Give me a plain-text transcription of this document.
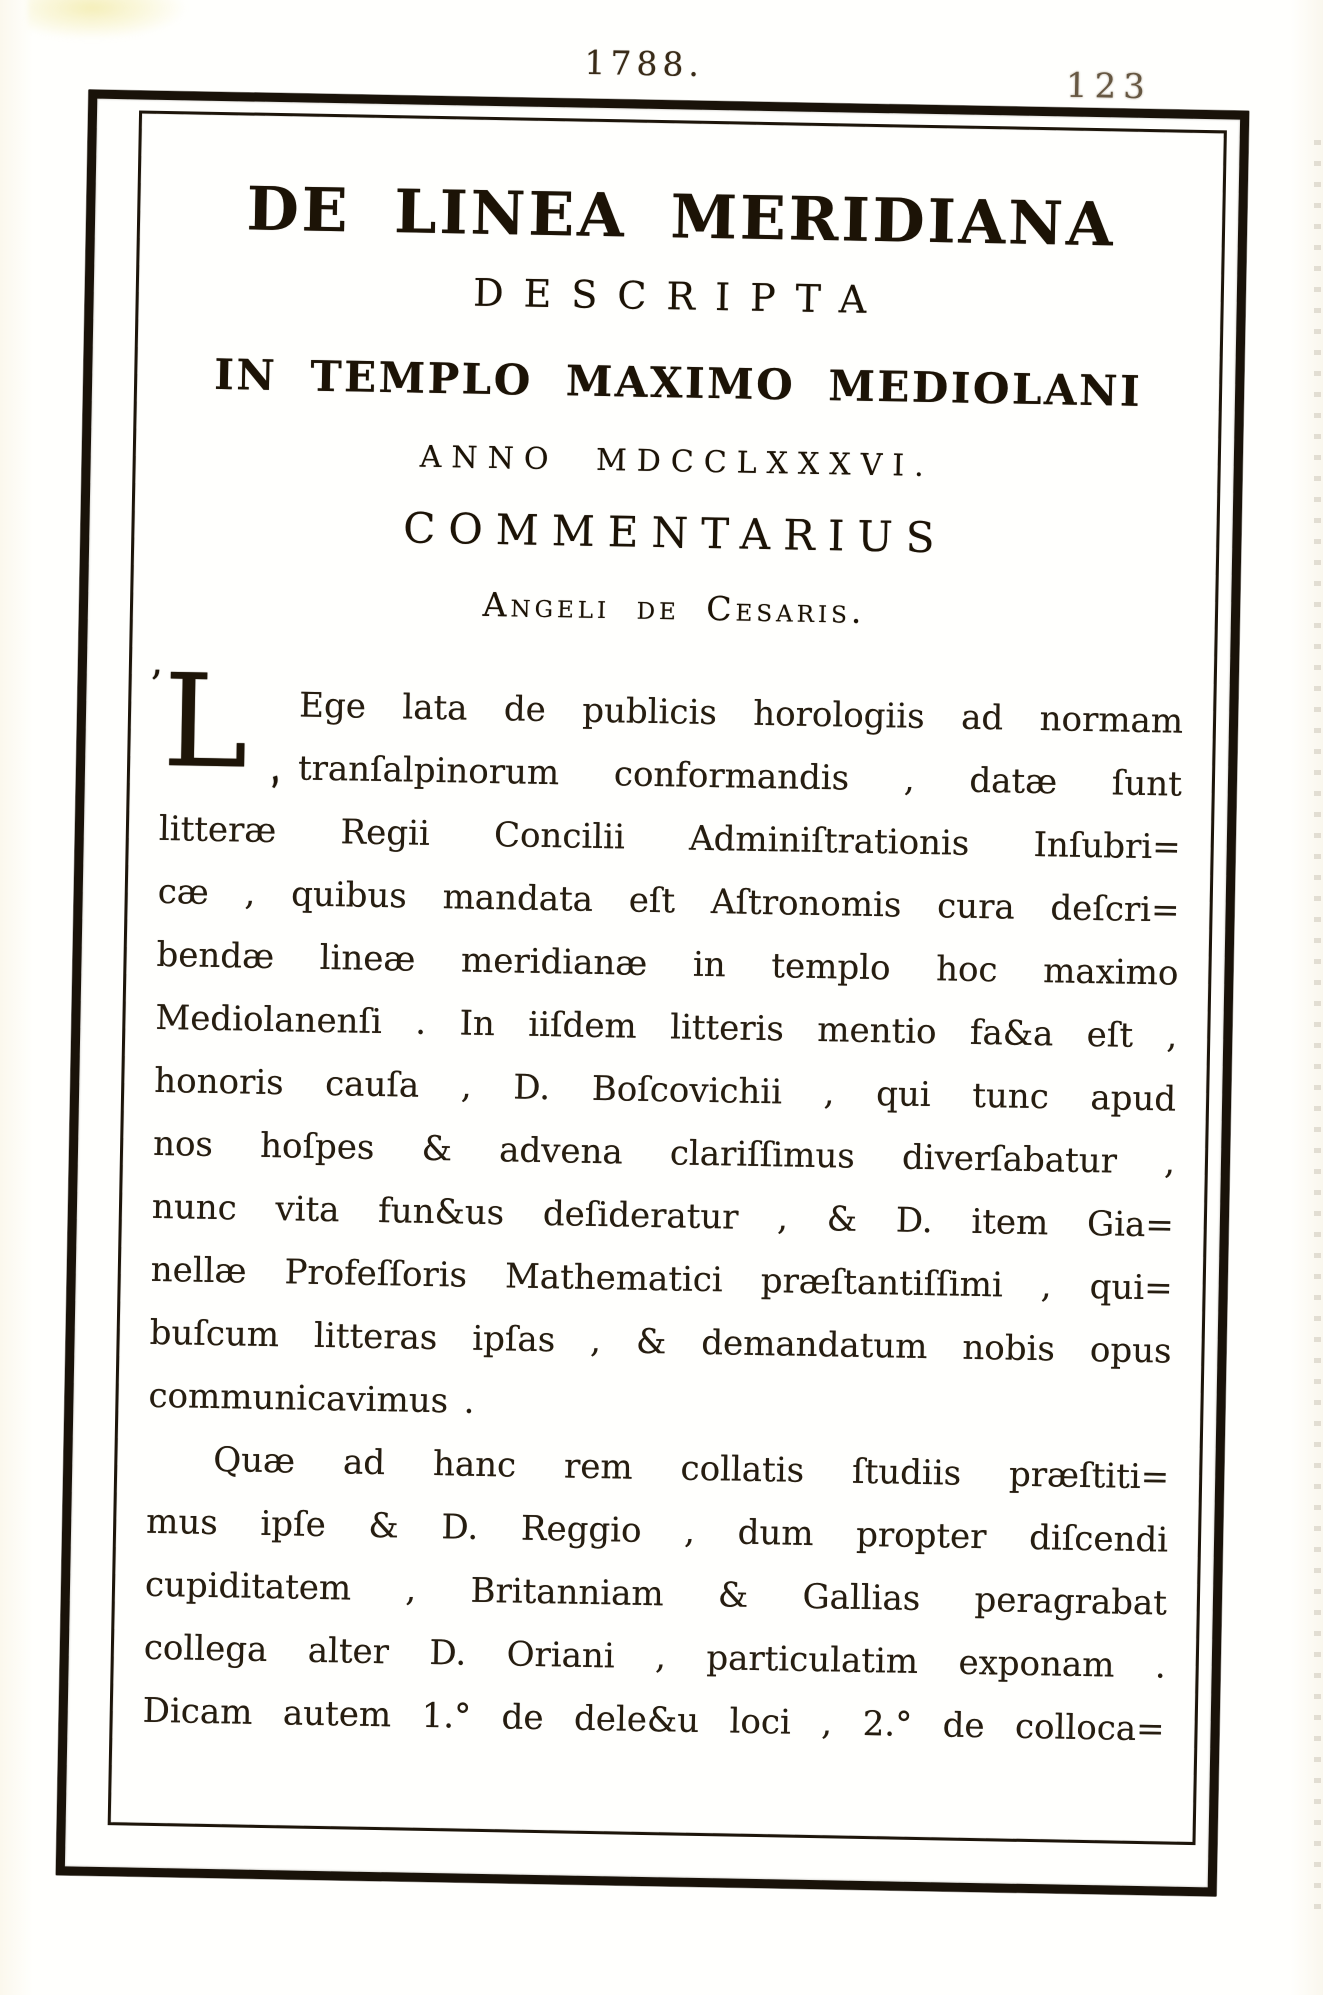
1788.
123
DE LINEA MERIDIANA
DESCRIPTA
IN TEMPLO MAXIMO MEDIOLANI
ANNO MDCCLXXXVI.
COMMENTARIUS
Angeli de Cesaris.
’
L ‚
Ege lata de publicis horologiis ad normam
tranſalpinorum conformandis , datæ ſunt
litteræ Regii Concilii Adminiſtrationis Inſubri=
cæ , quibus mandata eſt Aſtronomis cura deſcri=
bendæ lineæ meridianæ in templo hoc maximo
Mediolanenſi . In iiſdem litteris mentio fa&a eſt ,
honoris cauſa , D. Boſcovichii , qui tunc apud
nos hoſpes & advena clariſſimus diverſabatur ,
nunc vita fun&us deſideratur , & D. item Gia=
nellæ Profeſſoris Mathematici præſtantiſſimi , qui=
buſcum litteras ipſas , & demandatum nobis opus
communicavimus .
Quæ ad hanc rem collatis ſtudiis præſtiti=
mus ipſe & D. Reggio , dum propter diſcendi
cupiditatem , Britanniam & Gallias peragrabat
collega alter D. Oriani , particulatim exponam .
Dicam autem 1.° de dele&u loci , 2.° de colloca=
